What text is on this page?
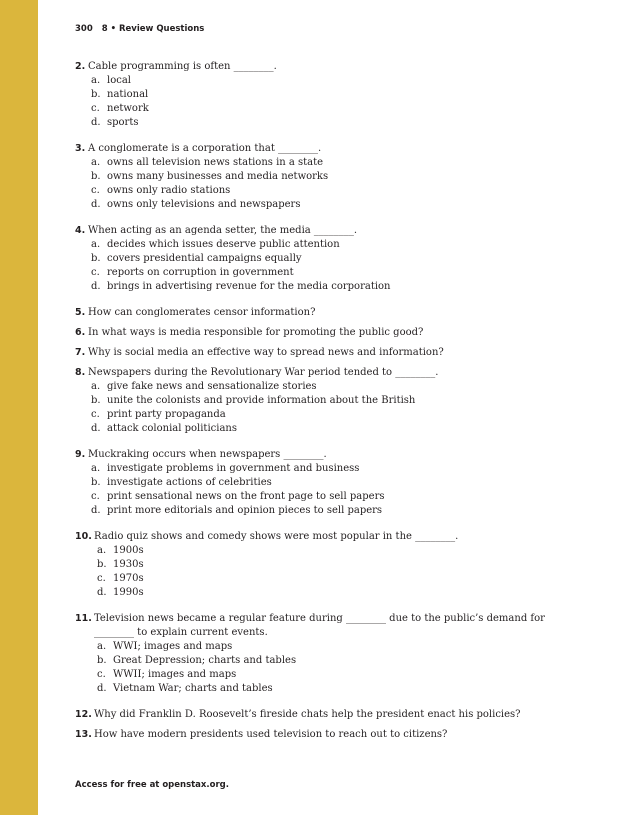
300 8 • Review Questions
2. Cable programming is often ________.
a. local
b. national
c. network
d. sports
3. A conglomerate is a corporation that ________.
a. owns all television news stations in a state
b. owns many businesses and media networks
c. owns only radio stations
d. owns only televisions and newspapers
4. When acting as an agenda setter, the media ________.
a. decides which issues deserve public attention
b. covers presidential campaigns equally
c. reports on corruption in government
d. brings in advertising revenue for the media corporation
5. How can conglomerates censor information?
6. In what ways is media responsible for promoting the public good?
7. Why is social media an effective way to spread news and information?
8. Newspapers during the Revolutionary War period tended to ________.
a. give fake news and sensationalize stories
b. unite the colonists and provide information about the British
c. print party propaganda
d. attack colonial politicians
9. Muckraking occurs when newspapers ________.
a. investigate problems in government and business
b. investigate actions of celebrities
c. print sensational news on the front page to sell papers
d. print more editorials and opinion pieces to sell papers
10. Radio quiz shows and comedy shows were most popular in the ________.
a. 1900s
b. 1930s
c. 1970s
d. 1990s
11. Television news became a regular feature during ________ due to the public’s demand for ________ to explain current events.
a. WWI; images and maps
b. Great Depression; charts and tables
c. WWII; images and maps
d. Vietnam War; charts and tables
12. Why did Franklin D. Roosevelt’s fireside chats help the president enact his policies?
13. How have modern presidents used television to reach out to citizens?
Access for free at openstax.org.
